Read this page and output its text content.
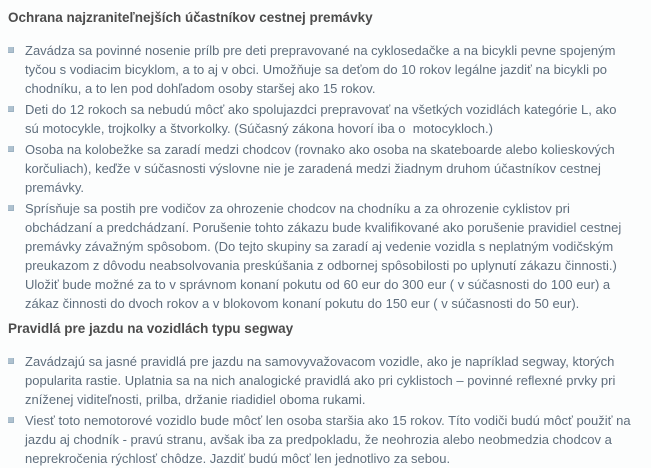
Ochrana najzraniteľnejších účastníkov cestnej premávky
Zavádza sa povinné nosenie prílb pre deti prepravované na cyklosedačke a na bicykli pevne spojeným tyčou s vodiacim bicyklom, a to aj v obci. Umožňuje sa deťom do 10 rokov legálne jazdiť na bicykli po chodníku, a to len pod dohľadom osoby staršej ako 15 rokov.
Deti do 12 rokoch sa nebudú môcť ako spolujazdci prepravovať na všetkých vozidlách kategórie L, ako sú motocykle, trojkolky a štvorkolky. (Súčasný zákona hovorí iba o  motocykloch.)
Osoba na kolobežke sa zaradí medzi chodcov (rovnako ako osoba na skateboarde alebo kolieskových korčuliach), keďže v súčasnosti výslovne nie je zaradená medzi žiadnym druhom účastníkov cestnej premávky.
Sprísňuje sa postih pre vodičov za ohrozenie chodcov na chodníku a za ohrozenie cyklistov pri obchádzaní a predchádzaní. Porušenie tohto zákazu bude kvalifikované ako porušenie pravidiel cestnej premávky závažným spôsobom. (Do tejto skupiny sa zaradí aj vedenie vozidla s neplatným vodičským preukazom z dôvodu neabsolvovania preskúšania z odbornej spôsobilosti po uplynutí zákazu činnosti.) Uložiť bude možné za to v správnom konaní pokutu od 60 eur do 300 eur ( v súčasnosti do 100 eur) a zákaz činnosti do dvoch rokov a v blokovom konaní pokutu do 150 eur ( v súčasnosti do 50 eur).
Pravidlá pre jazdu na vozidlách typu segway
Zavádzajú sa jasné pravidlá pre jazdu na samovyvažovacom vozidle, ako je napríklad segway, ktorých popularita rastie. Uplatnia sa na nich analogické pravidlá ako pri cyklistoch – povinné reflexné prvky pri zníženej viditeľnosti, prilba, držanie riadidiel oboma rukami.
Viesť toto nemotorové vozidlo bude môcť len osoba staršia ako 15 rokov. Títo vodiči budú môcť použiť na jazdu aj chodník - pravú stranu, avšak iba za predpokladu, že neohrozia alebo neobmedzia chodcov a neprekročenia rýchlosť chôdze. Jazdiť budú môcť len jednotlivo za sebou.
